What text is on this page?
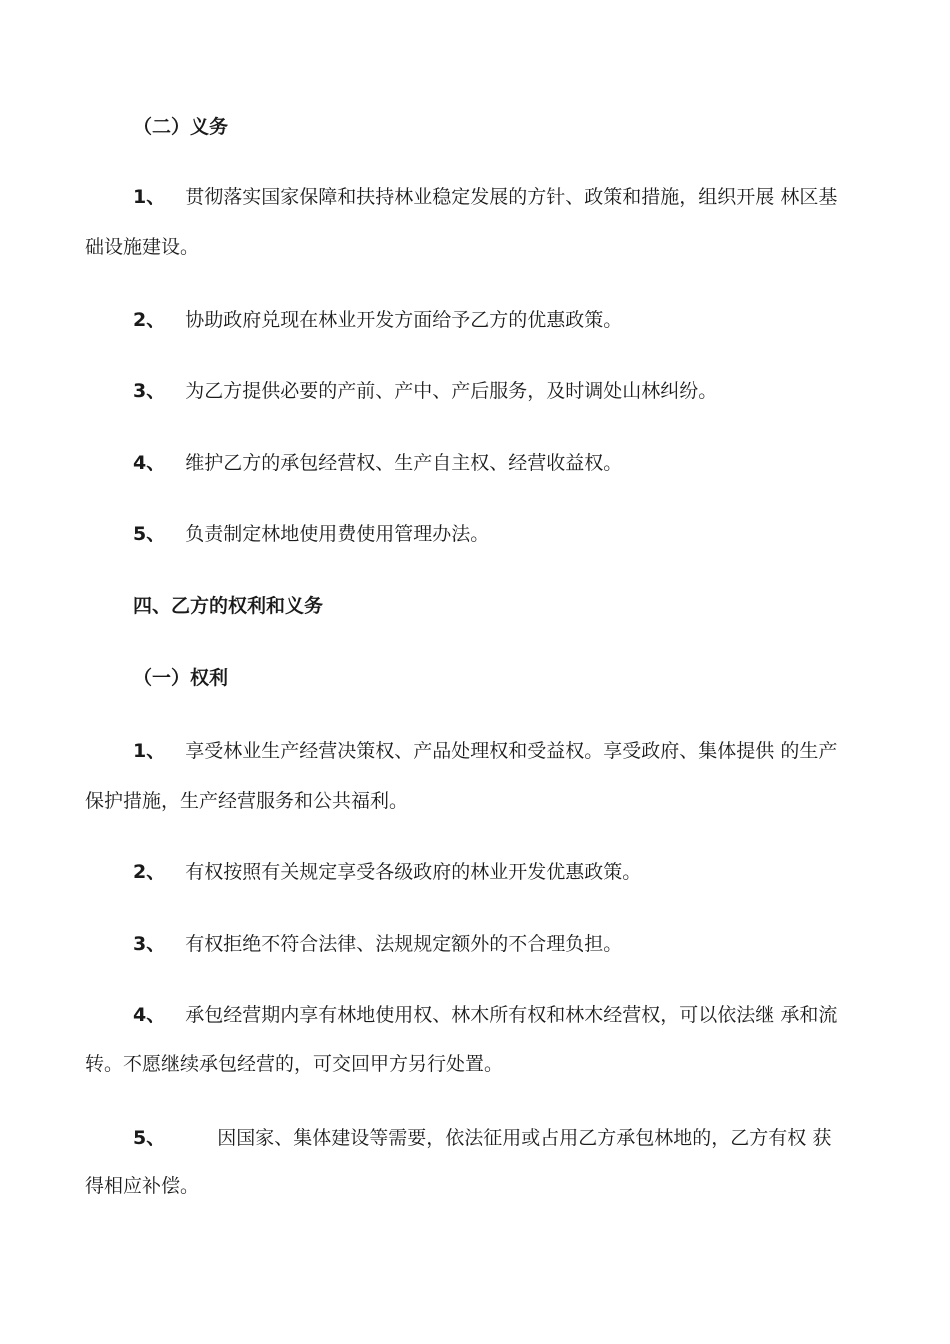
（二）义务
1、 贯彻落实国家保障和扶持林业稳定发展的方针、政策和措施，组织开展 林区基
础设施建设。
2、 协助政府兑现在林业开发方面给予乙方的优惠政策。
3、 为乙方提供必要的产前、产中、产后服务，及时调处山林纠纷。
4、 维护乙方的承包经营权、生产自主权、经营收益权。
5、 负责制定林地使用费使用管理办法。
四、乙方的权利和义务
（一）权利
1、 享受林业生产经营决策权、产品处理权和受益权。享受政府、集体提供 的生产
保护措施，生产经营服务和公共福利。
2、 有权按照有关规定享受各级政府的林业开发优惠政策。
3、 有权拒绝不符合法律、法规规定额外的不合理负担。
4、 承包经营期内享有林地使用权、林木所有权和林木经营权，可以依法继 承和流
转。不愿继续承包经营的，可交回甲方另行处置。
5、	因国家、集体建设等需要，依法征用或占用乙方承包林地的，乙方有权 获
得相应补偿。
